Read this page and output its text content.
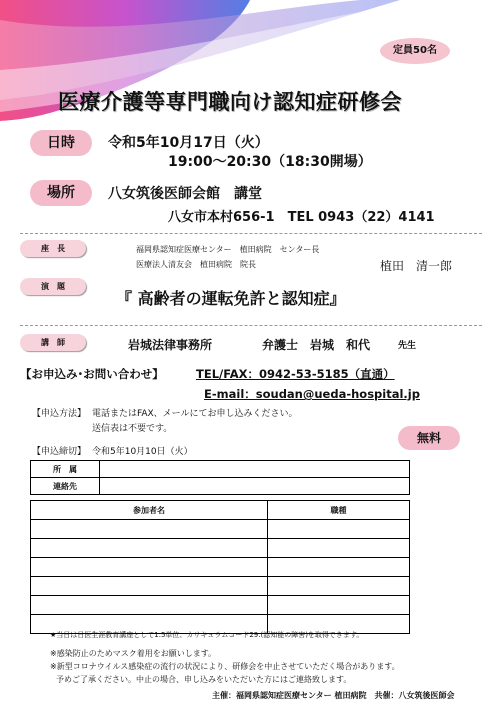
定員50名
医療介護等専門職向け認知症研修会
日時	令和5年10月17日（火）
19:00～20:30（18:30開場）
場所	八女筑後医師会館　講堂
八女市本村656-1　TEL 0943（22）4141
座　長	福岡県認知症医療センター　植田病院　センター長
医療法人清友会　植田病院　院長	植田　清一郎
演　題
『 高齢者の運転免許と認知症』
講　師	岩城法律事務所	弁護士　岩城　和代	先生
【お申込み･お問い合わせ】	TEL/FAX：0942-53-5185（直通）
E-mail：soudan@ueda-hospital.jp
【申込方法】 電話またはFAX、メールにてお申し込みください。
送信表は不要です。
【申込締切】 令和5年10月10日（火）
無料
所　属	
連絡先	
参加者名	職種

★当日は日医生涯教育講座として1.5単位、カリキュラムコード29.(認知能の障害)を取得できます。
※感染防止のためマスク着用をお願いします。
※新型コロナウイルス感染症の流行の状況により、研修会を中止させていただく場合があります。
予めご了承ください。中止の場合、申し込みをいただいた方にはご連絡致します。
主催：福岡県認知症医療センター 植田病院　共催：八女筑後医師会
